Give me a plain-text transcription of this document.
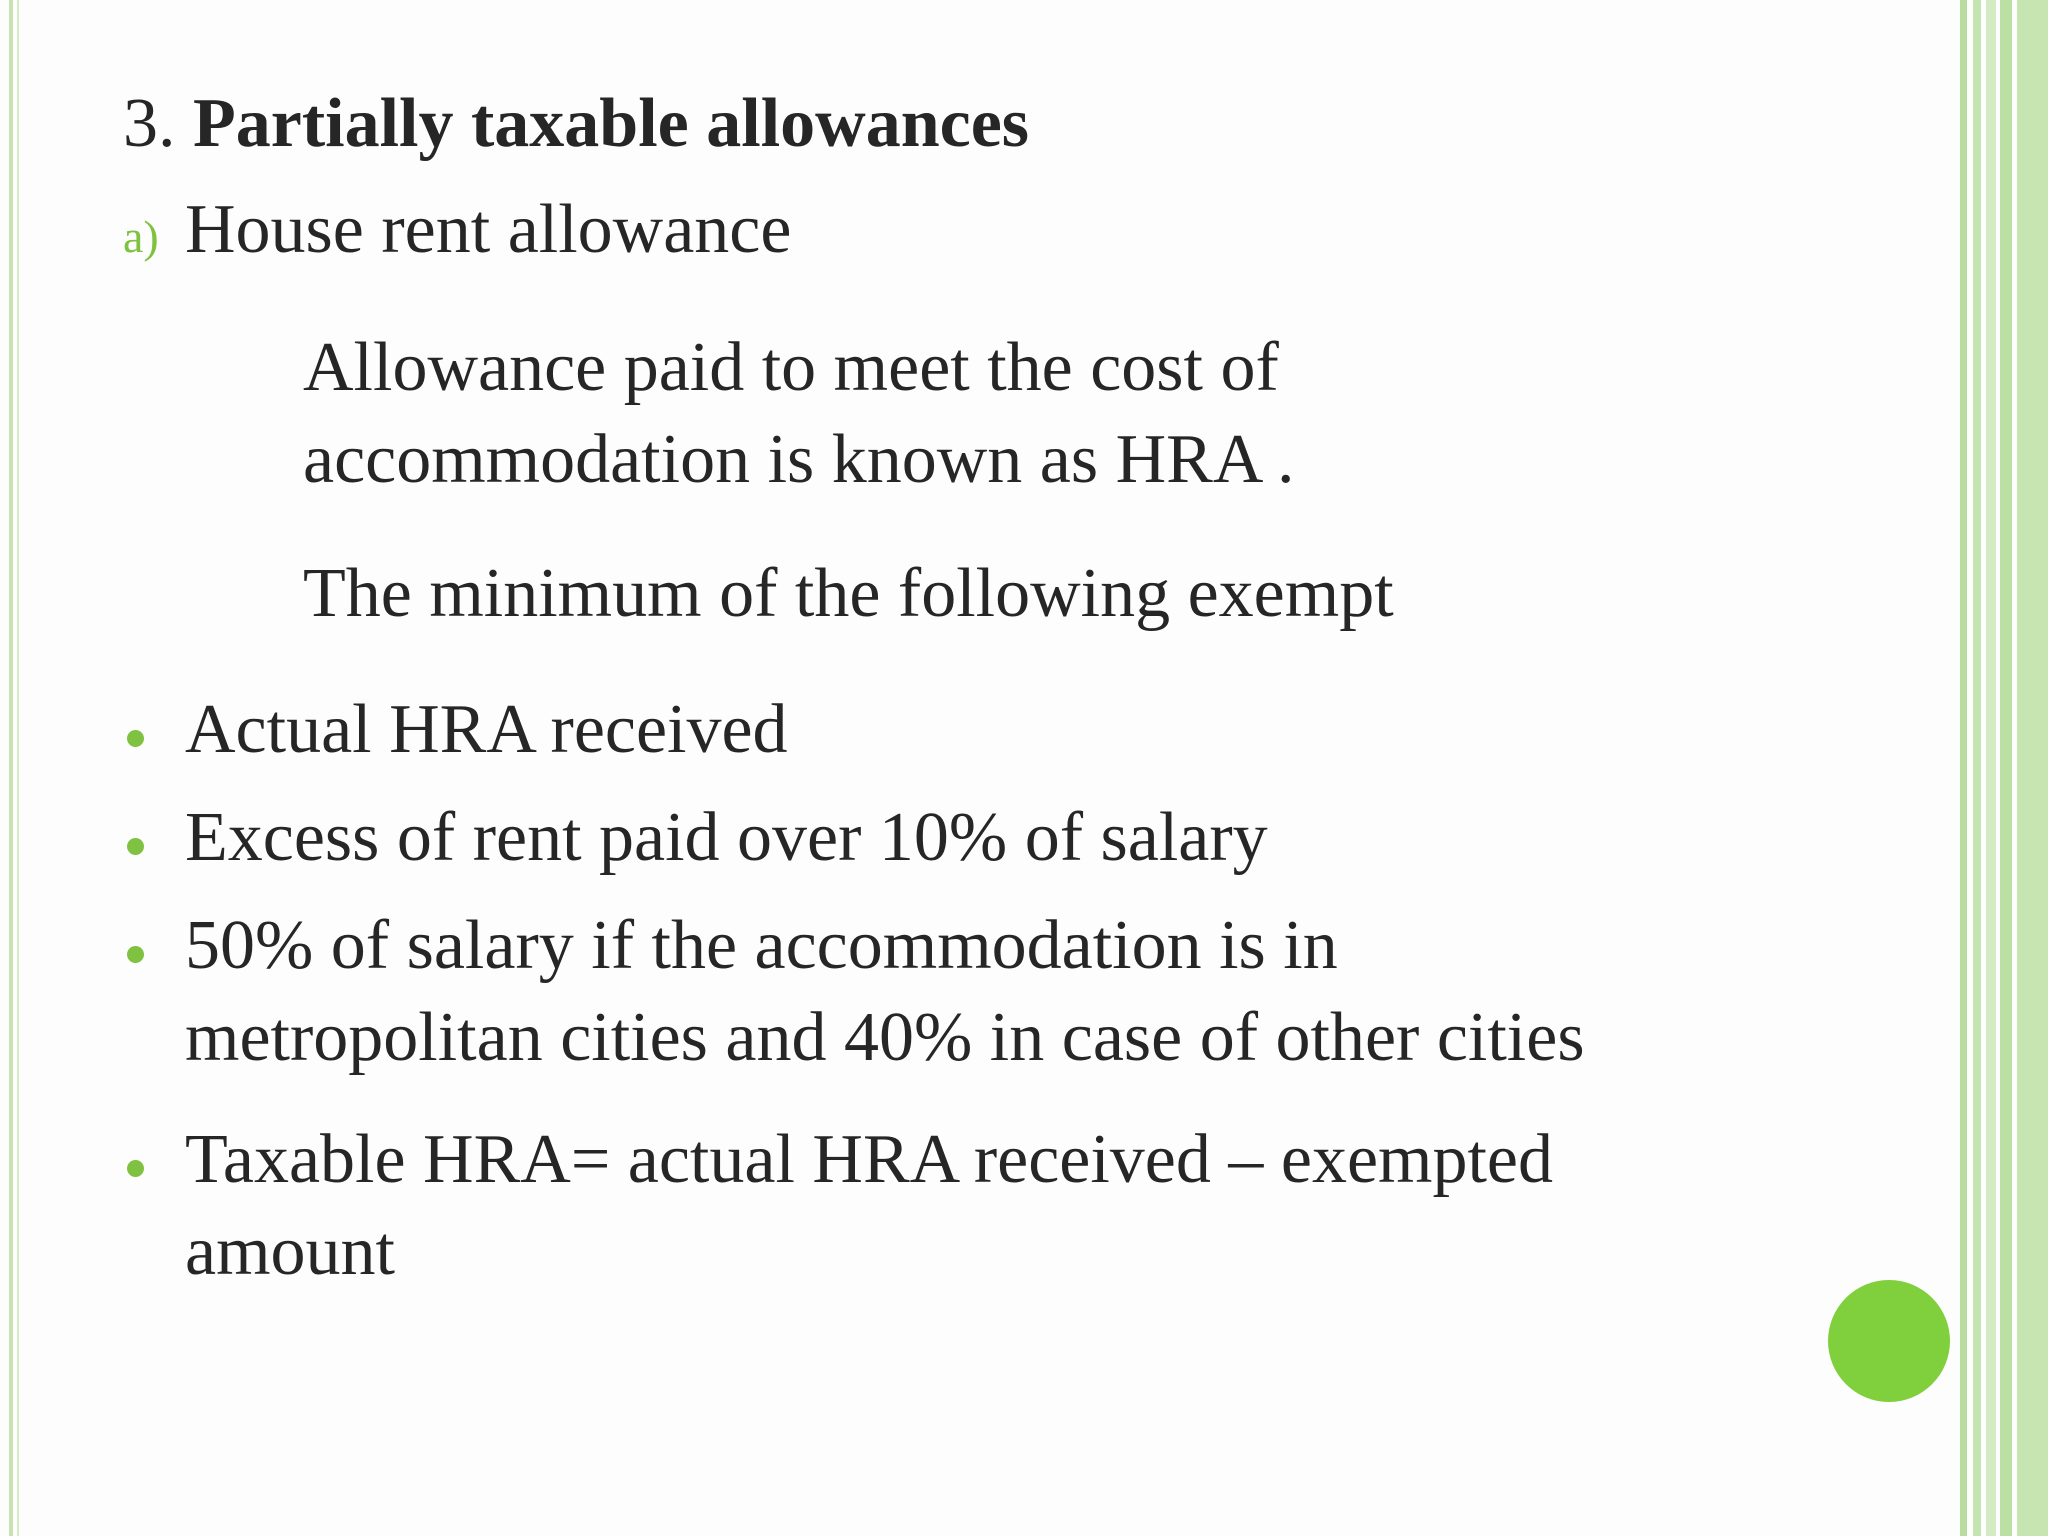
3. Partially taxable allowances
a) House rent allowance
Allowance paid to meet the cost of
accommodation is known as HRA .
The minimum of the following exempt
Actual HRA received
Excess of rent paid over 10% of salary
50% of salary if the accommodation is in
metropolitan cities and 40% in case of other cities
Taxable HRA= actual HRA received – exempted
amount
